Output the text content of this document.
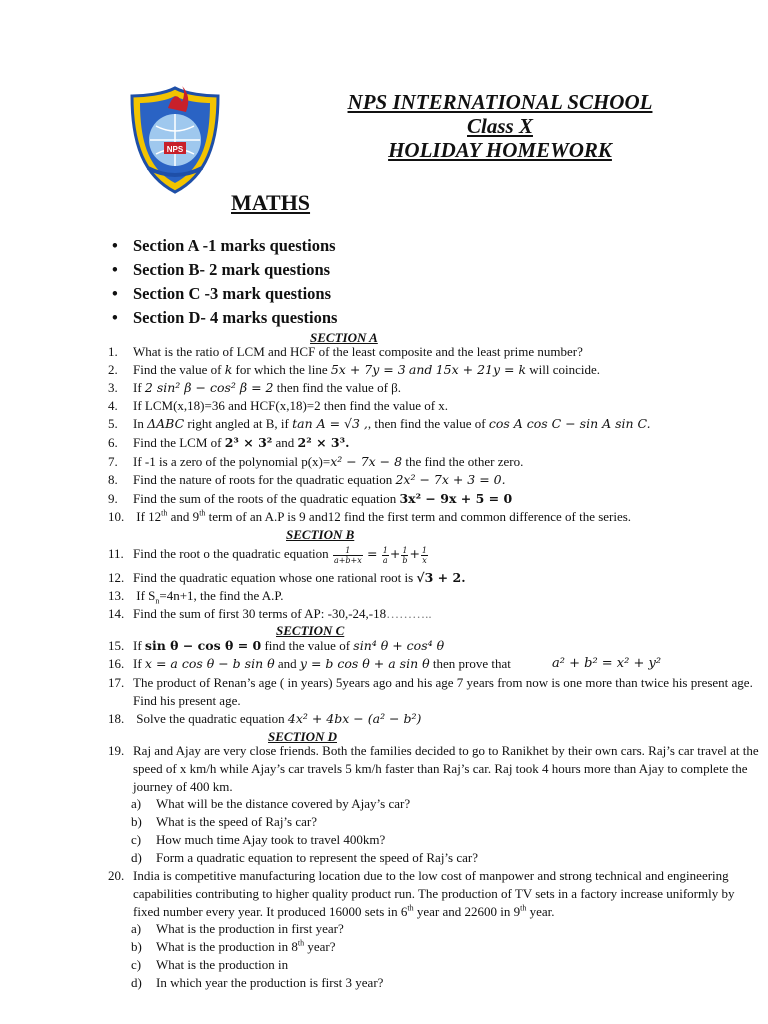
NPS
NPS INTERNATIONAL SCHOOL
Class X
HOLIDAY HOMEWORK
MATHS
• Section A -1 marks questions
• Section B- 2 mark questions
• Section C -3 mark questions
• Section D- 4 marks questions
SECTION A
1.	What is the ratio of LCM and HCF of the least composite and the least prime number?
2.	Find the value of k for which the line 5x + 7y = 3 and 15x + 21y = k will coincide.
3.	If 2 sin² β − cos² β = 2 then find the value of β.
4.	If LCM(x,18)=36 and HCF(x,18)=2 then find the value of x.
5.	In ΔABC right angled at B, if tan A = √3 ,, then find the value of cos A cos C − sin A sin C.
6.	Find the LCM of 2³ × 3² and 2² × 3³.
7.	If -1 is a zero of the polynomial p(x)=x² − 7x − 8 the find the other zero.
8.	Find the nature of roots for the quadratic equation 2x² − 7x + 3 = 0.
9.	Find the sum of the roots of the quadratic equation 3x² − 9x + 5 = 0
10. If 12th and 9th term of an A.P is 9 and12 find the first term and common difference of the series.
SECTION B
11. Find the root o the quadratic equation $\frac{1}{a+b+x} = \frac{1}{a} + \frac{1}{b} + \frac{1}{x}$
12. Find the quadratic equation whose one rational root is √3 + 2.
13. If $S_n=4n+1$, the find the A.P.
14. Find the sum of first 30 terms of AP: -30,-24,-18………..
SECTION C
15. If sin θ − cos θ = 0 find the value of sin⁴ θ + cos⁴ θ
16. If x = a cos θ − b sin θ and y = b cos θ + a sin θ then prove that	a² + b² = x² + y²
17. The product of Renan’s age ( in years) 5years ago and his age 7 years from now is one more than twice his present age. Find his present age.
18. Solve the quadratic equation 4x² + 4bx − (a² − b²)
SECTION D
19. Raj and Ajay are very close friends. Both the families decided to go to Ranikhet by their own cars. Raj’s car travel at the speed of x km/h while Ajay’s car travels 5 km/h faster than Raj’s car. Raj took 4 hours more than Ajay to complete the journey of 400 km.
a) What will be the distance covered by Ajay’s car?
b) What is the speed of Raj’s car?
c) How much time Ajay took to travel 400km?
d) Form a quadratic equation to represent the speed of Raj’s car?
20. India is competitive manufacturing location due to the low cost of manpower and strong technical and engineering capabilities contributing to higher quality product run. The production of TV sets in a factory increase uniformly by fixed number every year. It produced 16000 sets in 6th year and 22600 in 9th year.
a) What is the production in first year?
b) What is the production in 8th year?
c) What is the production in
d) In which year the production is first 3 year?
